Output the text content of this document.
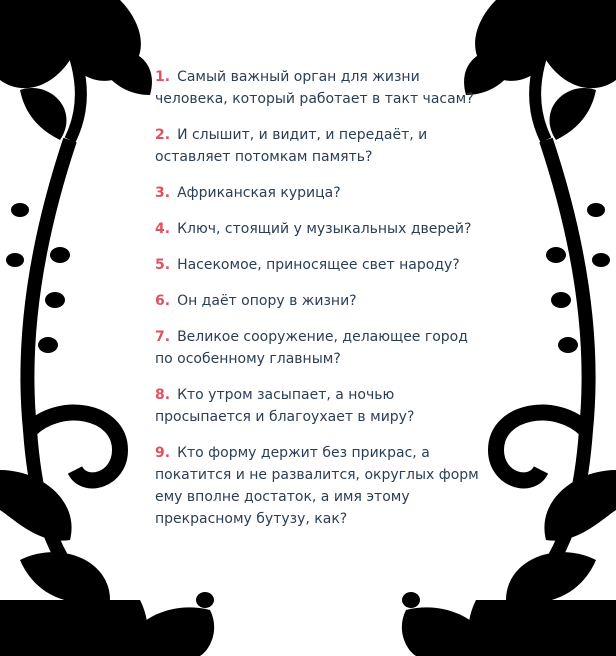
1. Самый важный орган для жизни человека, который работает в такт часам?
2. И слышит, и видит, и передаёт, и оставляет потомкам память?
3. Африканская курица?
4. Ключ, стоящий у музыкальных дверей?
5. Насекомое, приносящее свет народу?
6. Он даёт опору в жизни?
7. Великое сооружение, делающее город по особенному главным?
8. Кто утром засыпает, а ночью просыпается и благоухает в миру?
9. Кто форму держит без прикрас, а покатится и не развалится, округлых форм ему вполне достаток, а имя этому прекрасному бутузу, как?
